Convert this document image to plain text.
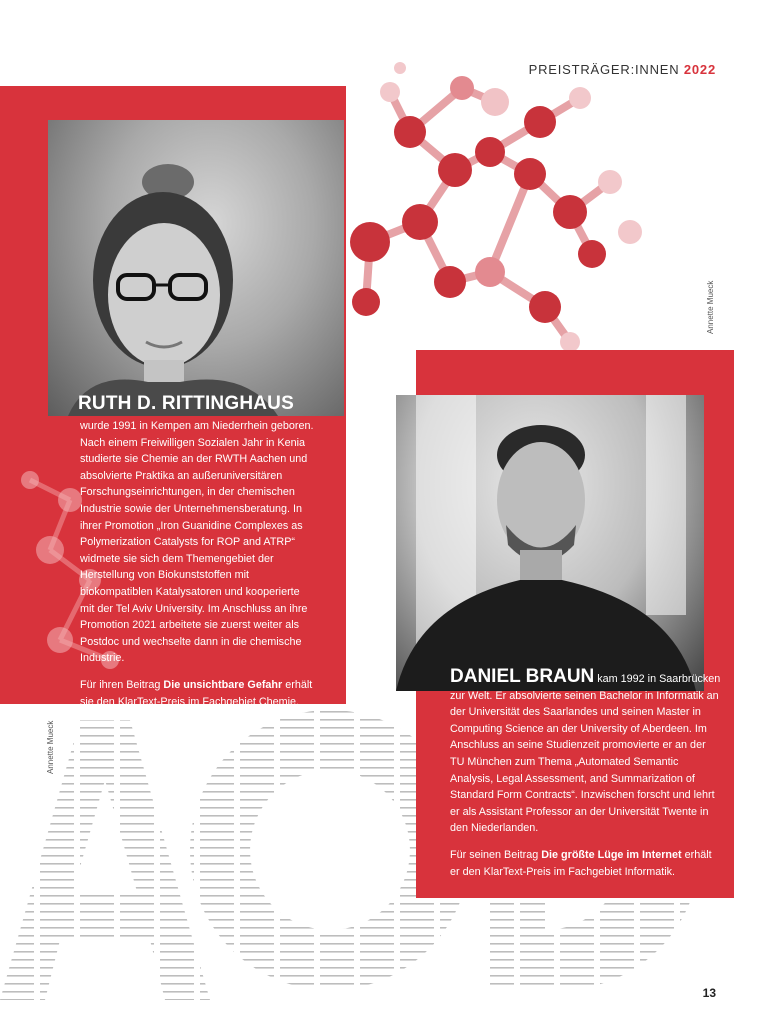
RUTH D. RITTINGHAUS

wurde 1991 in Kempen am Niederrhein geboren. Nach einem Freiwilligen Sozialen Jahr in Kenia studierte sie Chemie an der RWTH Aachen und absolvierte Praktika an außeruniversitären Forschungseinrichtungen, in der chemischen Industrie sowie der Unternehmensberatung. In ihrer Promotion „Iron Guanidine Complexes as Polymerization Catalysts for ROP and ATRP“ widmete sie sich dem Themengebiet der Herstellung von Biokunststoffen mit biokompatiblen Katalysatoren und kooperierte mit der Tel Aviv University. Im Anschluss an ihre Promotion 2021 arbeitete sie zuerst weiter als Postdoc und wechselte dann in die chemische Industrie.

Für ihren Beitrag Die unsichtbare Gefahr erhält sie den KlarText-Preis im Fachgebiet Chemie.

PREISTRÄGER:INNEN 2022
Annette Mueck

DANIEL BRAUN kam 1992 in Saarbrücken zur Welt. Er absolvierte seinen Bachelor in Informatik an der Universität des Saarlandes und seinen Master in Computing Science an der University of Aberdeen. Im Anschluss an seine Studienzeit promovierte er an der TU München zum Thema „Automated Semantic Analysis, Legal Assessment, and Summarization of Standard Form Contracts“. Inzwischen forscht und lehrt er als Assistant Professor an der Universität Twente in den Niederlanden.

Für seinen Beitrag Die größte Lüge im Internet erhält er den KlarText-Preis im Fachgebiet Informatik.

Annette Mueck
13
